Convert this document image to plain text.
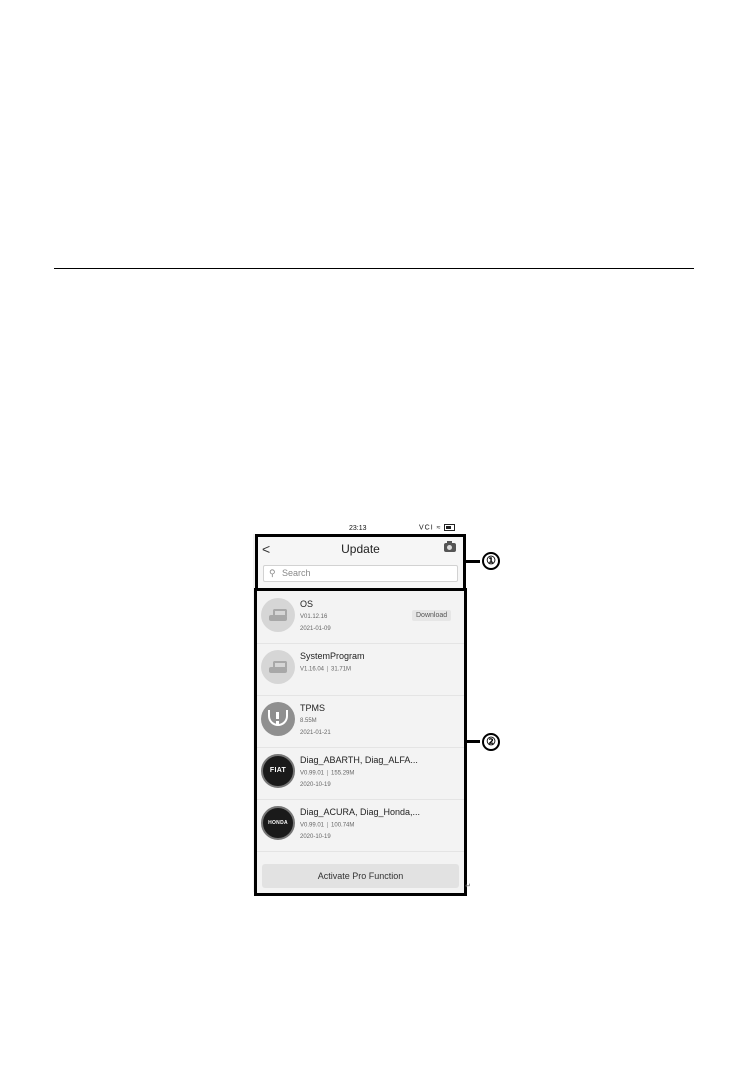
23:13	VCI ≈
<	Update
⚲
Search
OS
V01.12.16
2021-01-09
Download
SystemProgram
V1.16.04 31.71M
TPMS
8.55M
2021-01-21
FIAT
Diag_ABARTH, Diag_ALFA...
V0.99.01 155.29M
2020-10-19
HONDA
Diag_ACURA, Diag_Honda,...
V0.99.01 100.74M
2020-10-19
Activate Pro Function
①
②
↵
